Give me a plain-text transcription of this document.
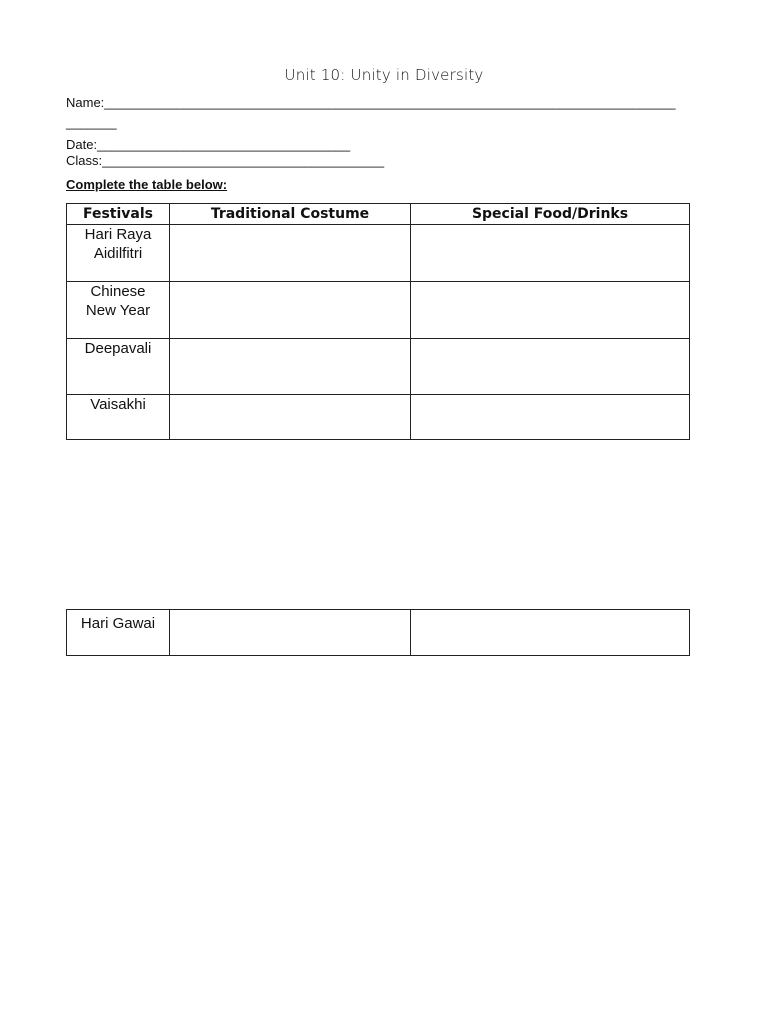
Unit 10: Unity in Diversity
Name:_______________________________________________________________________________
_______
Date:___________________________________
Class:_______________________________________
Complete the table below:
Festivals	Traditional Costume	Special Food/Drinks

Hari Raya
Aidilfitri		

Chinese
New Year		

Deepavali		

Vaisakhi		

Hari Gawai
